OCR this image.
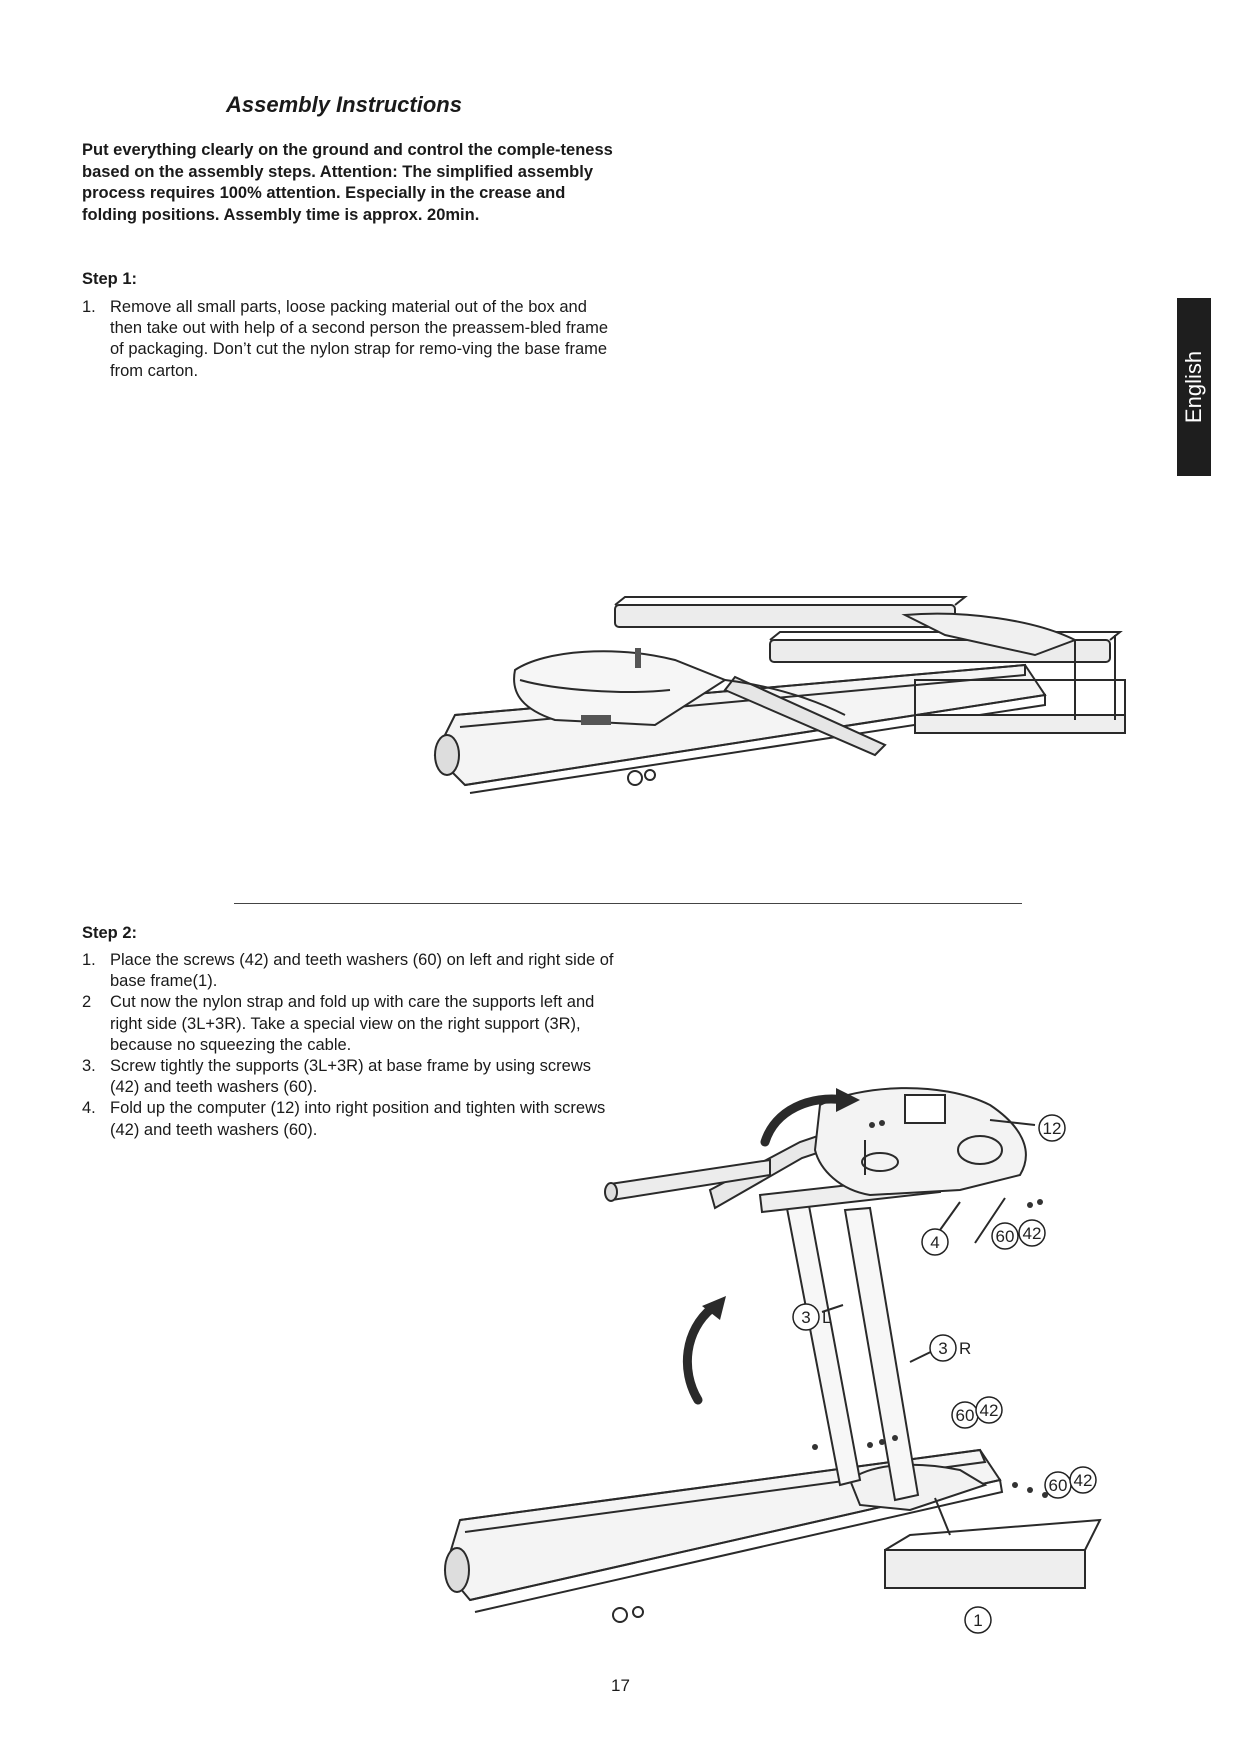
Assembly Instructions

Put everything clearly on the ground and control the comple-teness based on the assembly steps. Attention: The simplified assembly process requires 100% attention. Especially in the crease and folding positions. Assembly time is approx. 20min.

Step 1:
1. Remove all small parts, loose packing material out of the box and then take out with help of a second person the preassem-bled frame of packaging. Don’t cut the nylon strap for remo-ving the base frame from carton.	English
Step 2:
1. Place the screws (42) and teeth washers (60) on left and right side of base frame(1).
2 Cut now the nylon strap and fold up with care the supports left and right side (3L+3R). Take a special view on the right support (3R), because no squeezing the cable.
3. Screw tightly the supports (3L+3R) at base frame by using screws (42) and teeth washers (60).
4. Fold up the computer (12) into right position and tighten with screws (42) and teeth washers (60).	12
4	60 42
3 L
3 R
60 42
60 42
1
17
